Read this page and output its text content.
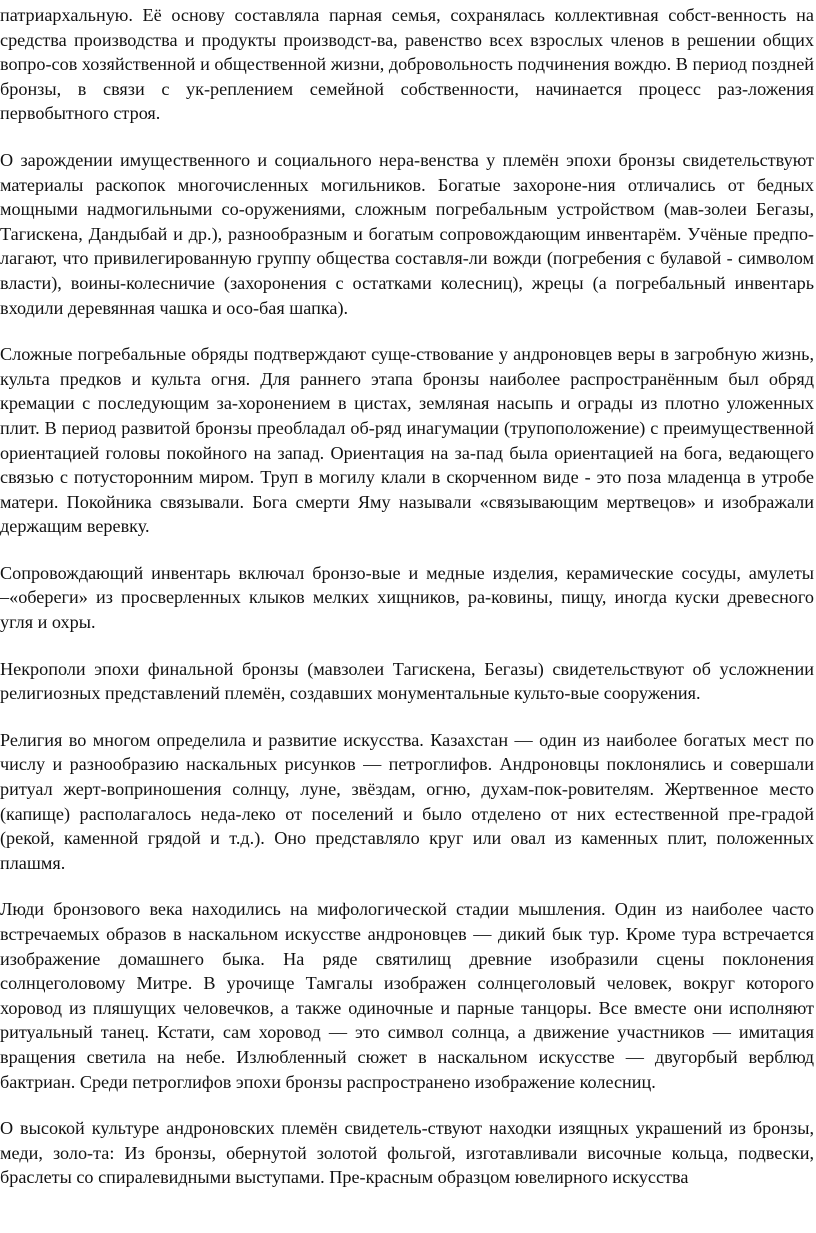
патриархальную. Её основу составляла парная семья, сохранялась коллективная собст-венность на средства производства и продукты производст-ва, равенство всех взрослых членов в решении общих вопро-сов хозяйственной и общественной жизни, добровольность подчинения вождю. В период поздней бронзы, в связи с ук-реплением семейной собственности, начинается процесс раз-ложения первобытного строя.

О зарождении имущественного и социального нера-венства у племён эпохи бронзы свидетельствуют материалы раскопок многочисленных могильников. Богатые захороне-ния отличались от бедных мощными надмогильными со-оружениями, сложным погребальным устройством (мав-золеи Бегазы, Тагискена, Дандыбай и др.), разнообразным и богатым сопровождающим инвентарём. Учёные предпо-лагают, что привилегированную группу общества составля-ли вожди (погребения с булавой - символом власти), воины-колесничие (захоронения с остатками колесниц), жрецы (а погребальный инвентарь входили деревянная чашка и осо-бая шапка).

Сложные погребальные обряды подтверждают суще-ствование у андроновцев веры в загробную жизнь, культа предков и культа огня. Для раннего этапа бронзы наиболее распространённым был обряд кремации с последующим за-хоронением в цистах, земляная насыпь и ограды из плотно уложенных плит. В период развитой бронзы преобладал об-ряд инагумации (трупоположение) с преимущественной ориентацией головы покойного на запад. Ориентация на за-пад была ориентацией на бога, ведающего связью с потусторонним миром. Труп в могилу клали в скорченном виде - это поза младенца в утробе матери. Покойника связывали. Бога смерти Яму называли «связывающим мертвецов» и изображали держащим веревку.

Сопровождающий инвентарь включал бронзо-вые и медные изделия, керамические сосуды, амулеты –«обереги» из просверленных клыков мелких хищников, ра-ковины, пищу, иногда куски древесного угля и охры.

Некрополи эпохи финальной бронзы (мавзолеи Тагискена, Бегазы) свидетельствуют об усложнении религиозных представлений племён, создавших монументальные культо-вые сооружения.

Религия во многом определила и развитие искусства. Казахстан — один из наиболее богатых мест по числу и разнообразию наскальных рисунков — петроглифов. Андроновцы поклонялись и совершали ритуал жерт-воприношения солнцу, луне, звёздам, огню, духам-пок-ровителям. Жертвенное место (капище) располагалось неда-леко от поселений и было отделено от них естественной пре-градой (рекой, каменной грядой и т.д.). Оно представляло круг или овал из каменных плит, положенных плашмя.

Люди бронзового века находились на мифологической стадии мышления. Один из наиболее часто встречаемых образов в наскальном искусстве андроновцев — дикий бык тур. Кроме тура встречается изображение домашнего быка. На ряде святилищ древние изобразили сцены поклонения солнцеголовому Митре. В урочище Тамгалы изображен солнцеголовый человек, вокруг которого хоровод из пляшущих человечков, а также одиночные и парные танцоры. Все вместе они исполняют ритуальный танец. Кстати, сам хоровод — это символ солнца, а движение участников — имитация вращения светила на небе. Излюбленный сюжет в наскальном искусстве — двугорбый верблюд бактриан. Среди петроглифов эпохи бронзы распространено изображение колесниц.

О высокой культуре андроновских племён свидетель-ствуют находки изящных украшений из бронзы, меди, золо-та: Из бронзы, обернутой золотой фольгой, изготавливали височные кольца, подвески, браслеты со спиралевидными выступами. Пре-красным образцом ювелирного искусства
